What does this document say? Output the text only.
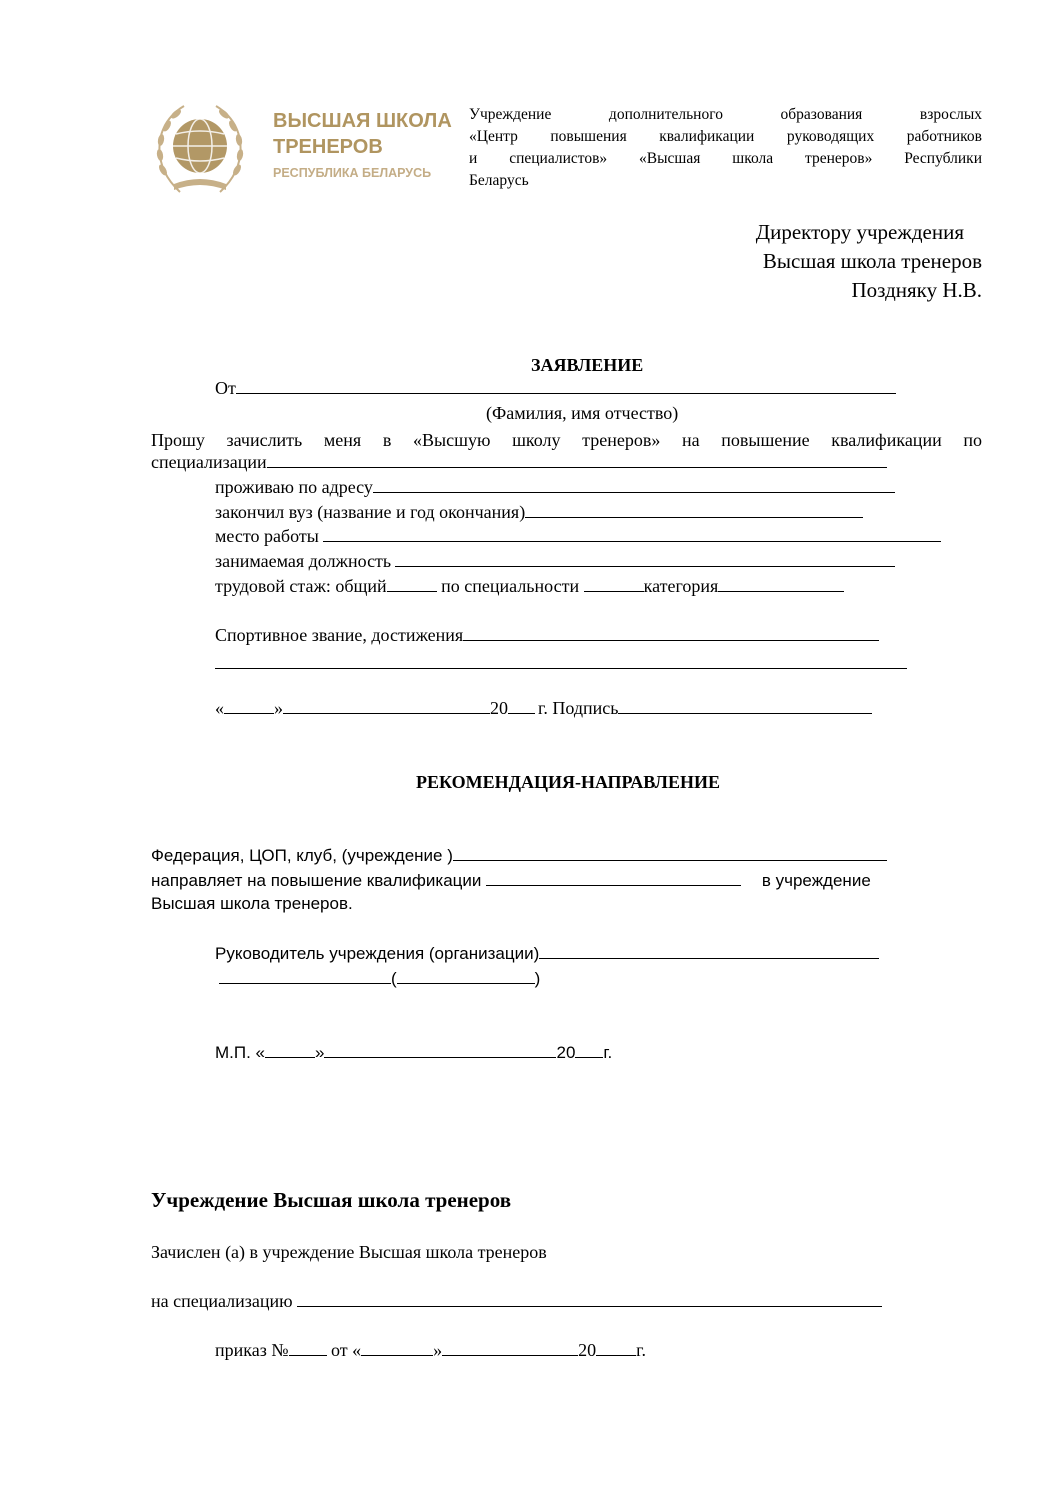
ВЫСШАЯ ШКОЛА
ТРЕНЕРОВ
РЕСПУБЛИКА БЕЛАРУСЬ
Учреждение дополнительного образования взрослых
«Центр повышения квалификации руководящих работников
и специалистов» «Высшая школа тренеров» Республики
Беларусь
Директору учреждения
Высшая школа тренеров
Поздняку Н.В.
ЗАЯВЛЕНИЕ
От
(Фамилия, имя отчество)
Прошу зачислить меня в «Высшую школу тренеров» на повышение квалификации по
специализации
проживаю по адресу
закончил вуз (название и год окончания)
место работы
занимаемая должность
трудовой стаж: общий	по специальности	категория
Спортивное звание, достижения
«	»	20 г. Подпись
РЕКОМЕНДАЦИЯ-НАПРАВЛЕНИЕ
Федерация, ЦОП, клуб, (учреждение )
направляет на повышение квалификации	в учреждение
Высшая школа тренеров.
Руководитель учреждения (организации)
(	)
М.П. «	»	20 г.
Учреждение Высшая школа тренеров
Зачислен (а) в учреждение Высшая школа тренеров
на специализацию
приказ № от «	»	20 г.
